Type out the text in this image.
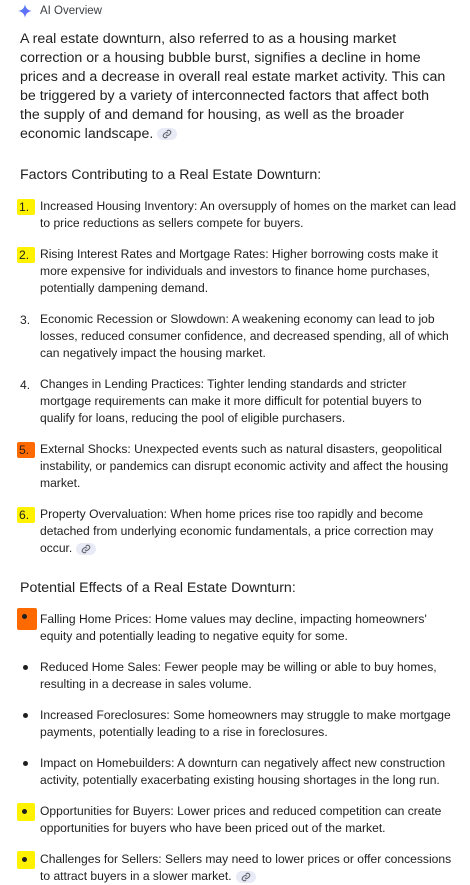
AI Overview

A real estate downturn, also referred to as a housing market correction or a housing bubble burst, signifies a decline in home prices and a decrease in overall real estate market activity. This can be triggered by a variety of interconnected factors that affect both the supply of and demand for housing, as well as the broader economic landscape.

Factors Contributing to a Real Estate Downturn:
1. Increased Housing Inventory: An oversupply of homes on the market can lead to price reductions as sellers compete for buyers.
2. Rising Interest Rates and Mortgage Rates: Higher borrowing costs make it more expensive for individuals and investors to finance home purchases, potentially dampening demand.
3. Economic Recession or Slowdown: A weakening economy can lead to job losses, reduced consumer confidence, and decreased spending, all of which can negatively impact the housing market.
4. Changes in Lending Practices: Tighter lending standards and stricter mortgage requirements can make it more difficult for potential buyers to qualify for loans, reducing the pool of eligible purchasers.
5. External Shocks: Unexpected events such as natural disasters, geopolitical instability, or pandemics can disrupt economic activity and affect the housing market.
6. Property Overvaluation: When home prices rise too rapidly and become detached from underlying economic fundamentals, a price correction may occur.
Potential Effects of a Real Estate Downturn:
Falling Home Prices: Home values may decline, impacting homeowners' equity and potentially leading to negative equity for some.
Reduced Home Sales: Fewer people may be willing or able to buy homes, resulting in a decrease in sales volume.
Increased Foreclosures: Some homeowners may struggle to make mortgage payments, potentially leading to a rise in foreclosures.
Impact on Homebuilders: A downturn can negatively affect new construction activity, potentially exacerbating existing housing shortages in the long run.
Opportunities for Buyers: Lower prices and reduced competition can create opportunities for buyers who have been priced out of the market.
Challenges for Sellers: Sellers may need to lower prices or offer concessions to attract buyers in a slower market.
